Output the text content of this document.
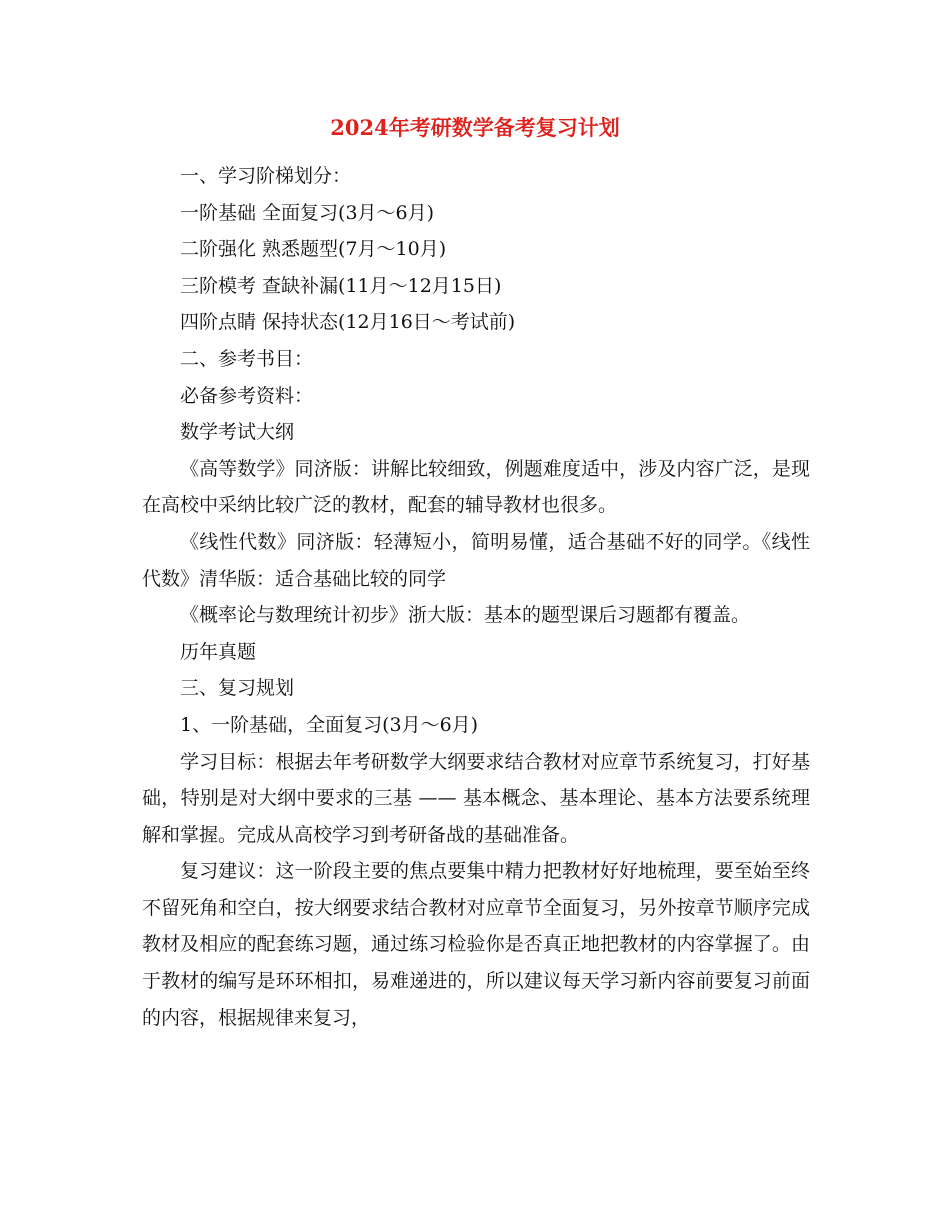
2024年考研数学备考复习计划

一、学习阶梯划分：

一阶基础 全面复习(3月～6月)

二阶强化 熟悉题型(7月～10月)

三阶模考 查缺补漏(11月～12月15日)

四阶点睛 保持状态(12月16日～考试前)

二、参考书目：

必备参考资料：

数学考试大纲

《高等数学》同济版：讲解比较细致，例题难度适中，涉及内容广泛，是现在高校中采纳比较广泛的教材，配套的辅导教材也很多。

《线性代数》同济版：轻薄短小，简明易懂，适合基础不好的同学。《线性代数》清华版：适合基础比较的同学

《概率论与数理统计初步》浙大版：基本的题型课后习题都有覆盖。

历年真题

三、复习规划

1、一阶基础，全面复习(3月～6月)

学习目标：根据去年考研数学大纲要求结合教材对应章节系统复习，打好基础，特别是对大纲中要求的三基 —— 基本概念、基本理论、基本方法要系统理解和掌握。完成从高校学习到考研备战的基础准备。

复习建议：这一阶段主要的焦点要集中精力把教材好好地梳理，要至始至终不留死角和空白，按大纲要求结合教材对应章节全面复习，另外按章节顺序完成教材及相应的配套练习题，通过练习检验你是否真正地把教材的内容掌握了。由于教材的编写是环环相扣，易难递进的，所以建议每天学习新内容前要复习前面的内容，根据规律来复习，
